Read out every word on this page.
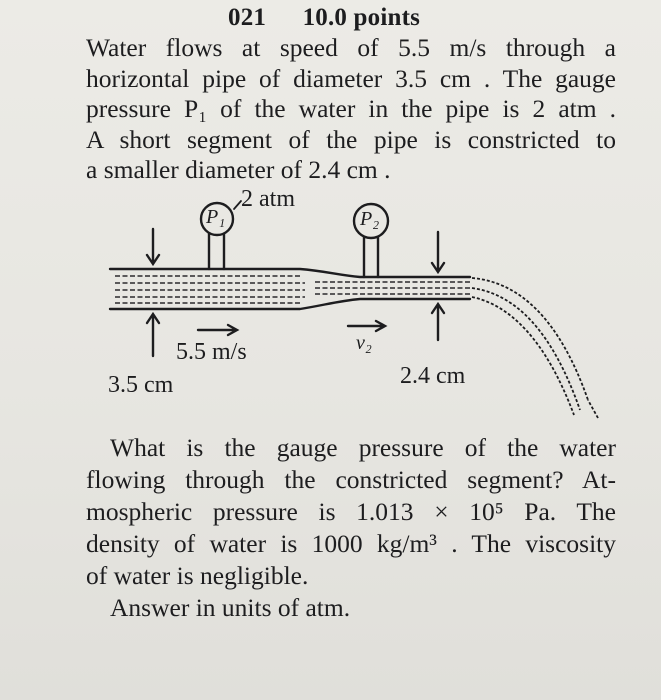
021 10.0 points
Water flows at speed of 5.5 m/s through a
horizontal pipe of diameter 3.5 cm . The gauge
pressure P₁ of the water in the pipe is 2 atm .
A short segment of the pipe is constricted to
a smaller diameter of 2.4 cm .
P₁	P₂
2 atm
5.5 m/s	v₂
3.5 cm	2.4 cm
What is the gauge pressure of the water
flowing through the constricted segment? At-
mospheric pressure is 1.013 × 10⁵ Pa. The
density of water is 1000 kg/m³ . The viscosity
of water is negligible.
Answer in units of atm.
